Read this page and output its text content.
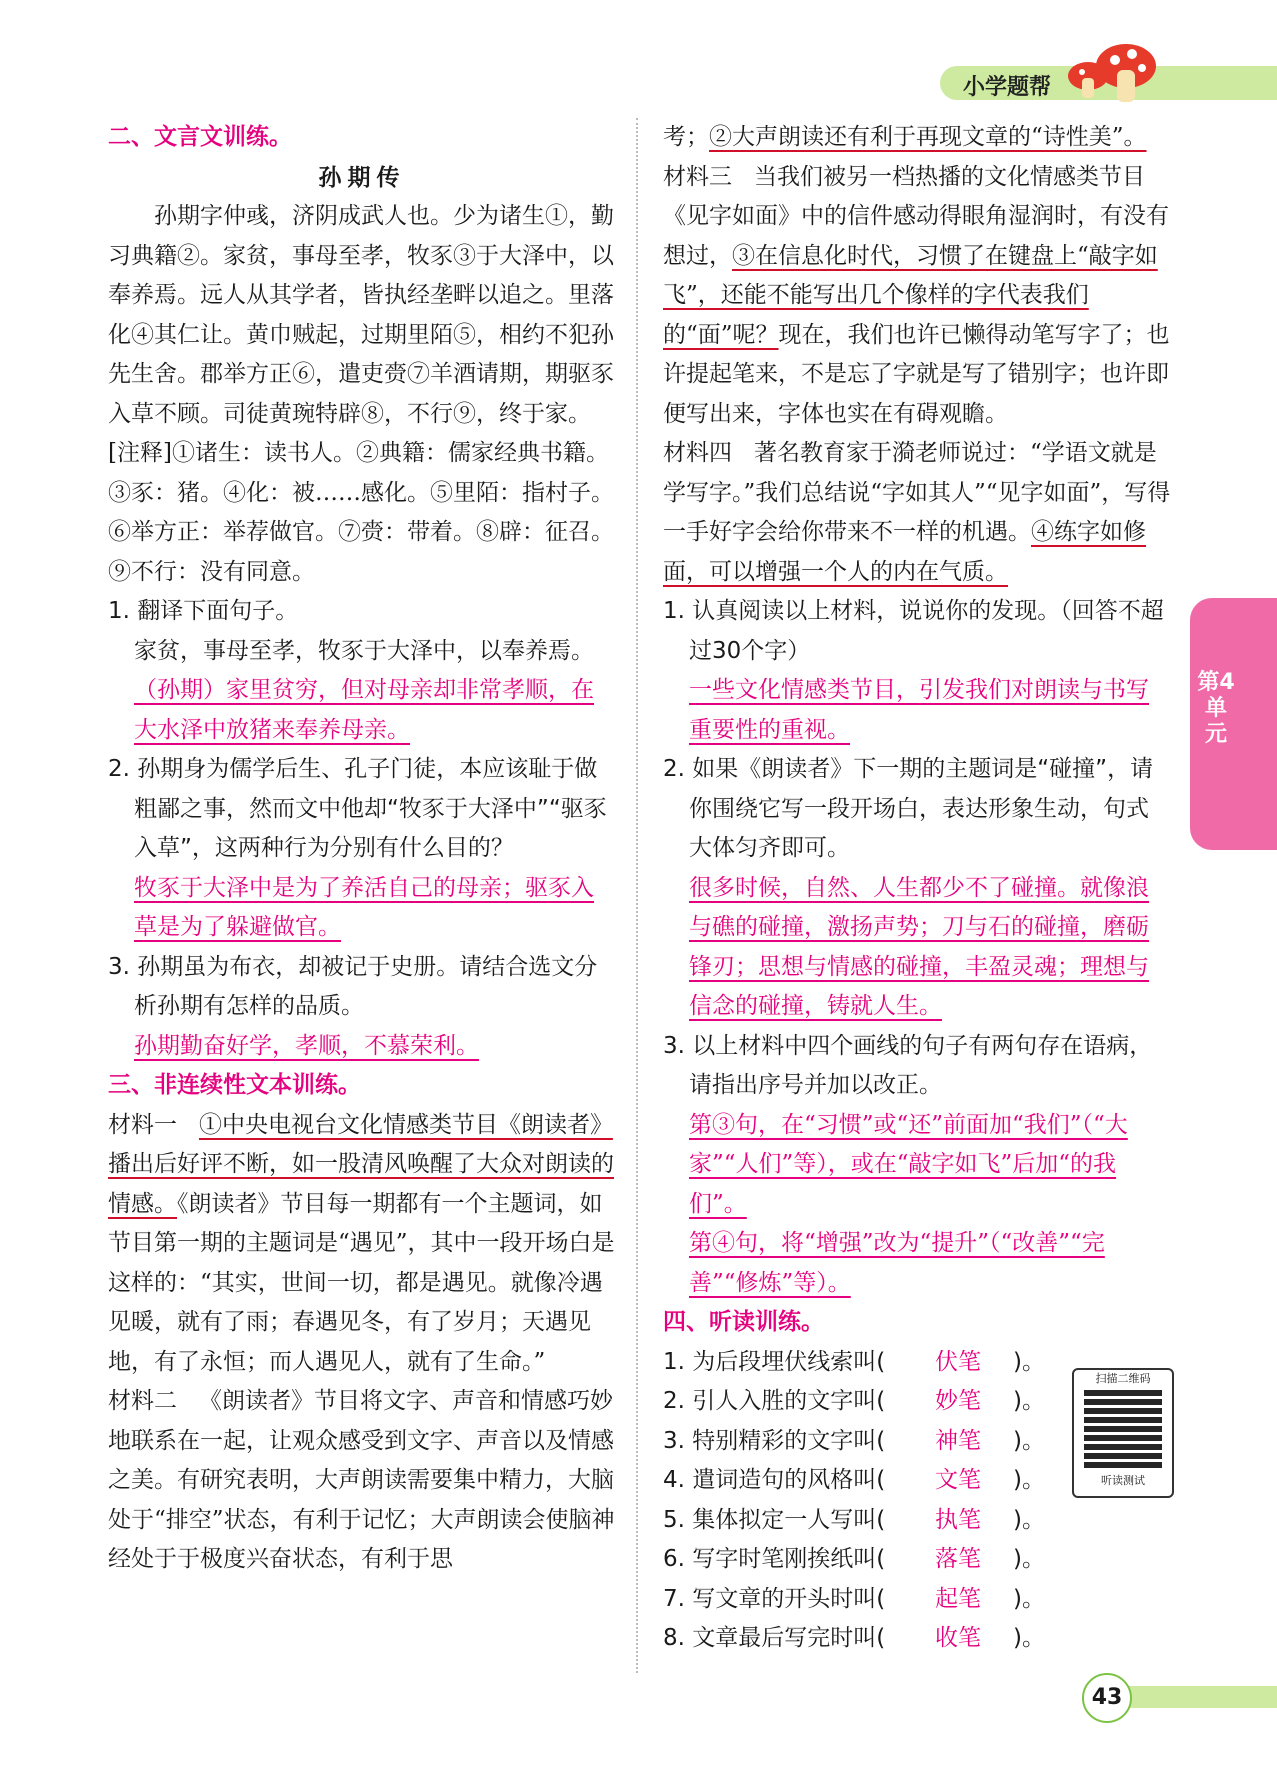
小学题帮

二、文言文训练。

孙期传

孙期字仲彧，济阴成武人也。少为诸生①，勤习典籍②。家贫，事母至孝，牧豕③于大泽中，以奉养焉。远人从其学者，皆执经垄畔以追之。里落化④其仁让。黄巾贼起，过期里陌⑤，相约不犯孙先生舍。郡举方正⑥，遣吏赍⑦羊酒请期，期驱豕入草不顾。司徒黄琬特辟⑧，不行⑨，终于家。

[注释]①诸生：读书人。②典籍：儒家经典书籍。③豕：猪。④化：被……感化。⑤里陌：指村子。⑥举方正：举荐做官。⑦赍：带着。⑧辟：征召。⑨不行：没有同意。

1. 翻译下面句子。

家贫，事母至孝，牧豕于大泽中，以奉养焉。

（孙期）家里贫穷，但对母亲却非常孝顺，在大水泽中放猪来奉养母亲。

2. 孙期身为儒学后生、孔子门徒，本应该耻于做粗鄙之事，然而文中他却“牧豕于大泽中”“驱豕入草”，这两种行为分别有什么目的？

牧豕于大泽中是为了养活自己的母亲；驱豕入草是为了躲避做官。

3. 孙期虽为布衣，却被记于史册。请结合选文分析孙期有怎样的品质。

孙期勤奋好学，孝顺，不慕荣利。

三、非连续性文本训练。

材料一 ①中央电视台文化情感类节目《朗读者》播出后好评不断，如一股清风唤醒了大众对朗读的情感。《朗读者》节目每一期都有一个主题词，如节目第一期的主题词是“遇见”，其中一段开场白是这样的：“其实，世间一切，都是遇见。就像冷遇见暖，就有了雨；春遇见冬，有了岁月；天遇见地，有了永恒；而人遇见人，就有了生命。”

材料二 《朗读者》节目将文字、声音和情感巧妙地联系在一起，让观众感受到文字、声音以及情感之美。有研究表明，大声朗读需要集中精力，大脑处于“排空”状态，有利于记忆；大声朗读会使脑神经处于于极度兴奋状态，有利于思

考；②大声朗读还有利于再现文章的“诗性美”。

材料三 当我们被另一档热播的文化情感类节目《见字如面》中的信件感动得眼角湿润时，有没有想过，③在信息化时代，习惯了在键盘上“敲字如飞”，还能不能写出几个像样的字代表我们的“面”呢？现在，我们也许已懒得动笔写字了；也许提起笔来，不是忘了字就是写了错别字；也许即便写出来，字体也实在有碍观瞻。

材料四 著名教育家于漪老师说过：“学语文就是学写字。”我们总结说“字如其人”“见字如面”，写得一手好字会给你带来不一样的机遇。④练字如修面，可以增强一个人的内在气质。

1. 认真阅读以上材料，说说你的发现。（回答不超过30个字）

一些文化情感类节目，引发我们对朗读与书写重要性的重视。

2. 如果《朗读者》下一期的主题词是“碰撞”，请你围绕它写一段开场白，表达形象生动，句式大体匀齐即可。

很多时候，自然、人生都少不了碰撞。就像浪与礁的碰撞，激扬声势；刀与石的碰撞，磨砺锋刃；思想与情感的碰撞，丰盈灵魂；理想与信念的碰撞，铸就人生。

3. 以上材料中四个画线的句子有两句存在语病，请指出序号并加以改正。

第③句，在“习惯”或“还”前面加“我们”（“大家”“人们”等），或在“敲字如飞”后加“的我们”。

第④句，将“增强”改为“提升”（“改善”“完善”“修炼”等）。

四、听读训练。

1. 为后段埋伏线索叫(	伏笔	)。
2. 引人入胜的文字叫(	妙笔	)。
3. 特别精彩的文字叫(	神笔	)。
4. 遣词造句的风格叫(	文笔	)。
5. 集体拟定一人写叫(	执笔	)。
6. 写字时笔刚挨纸叫(	落笔	)。
7. 写文章的开头时叫(	起笔	)。
8. 文章最后写完时叫(	收笔	)。
第4单元
扫描二维码
听读测试
43
